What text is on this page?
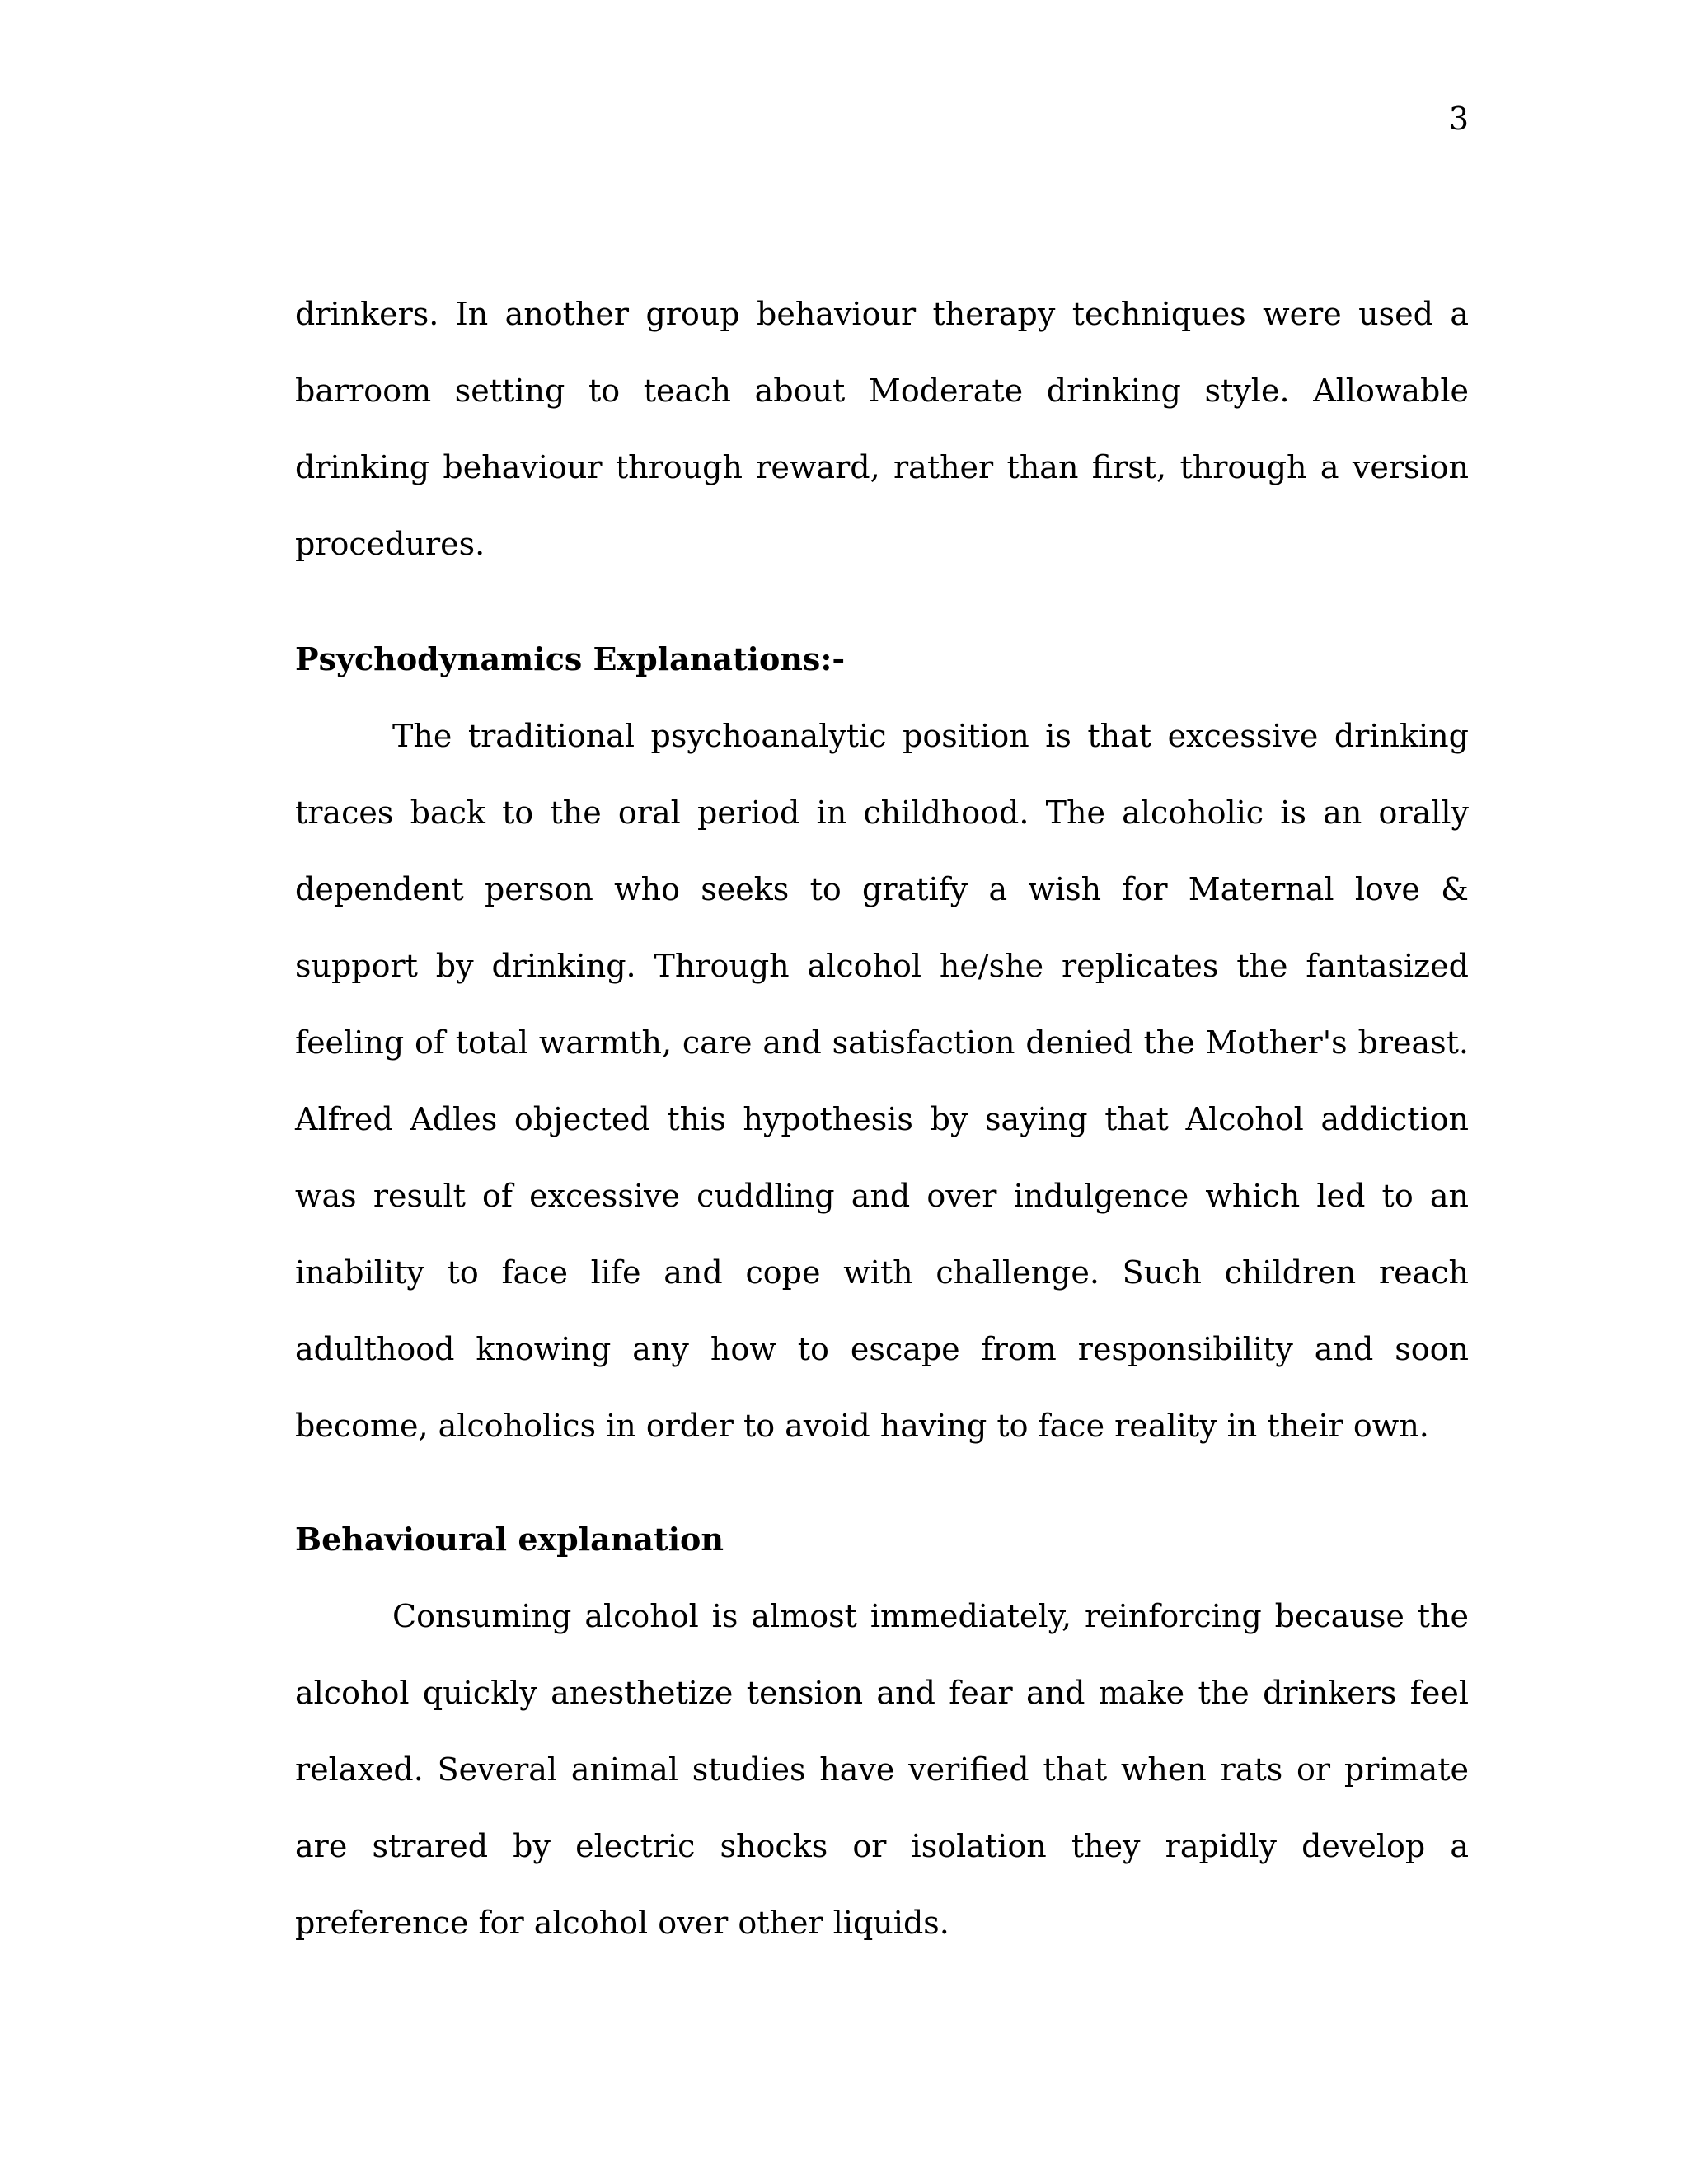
3

drinkers. In another group behaviour therapy techniques were used a barroom setting to teach about Moderate drinking style. Allowable drinking behaviour through reward, rather than first, through a version procedures.

Psychodynamics Explanations:-

The traditional psychoanalytic position is that excessive drinking traces back to the oral period in childhood. The alcoholic is an orally dependent person who seeks to gratify a wish for Maternal love & support by drinking. Through alcohol he/she replicates the fantasized feeling of total warmth, care and satisfaction denied the Mother's breast. Alfred Adles objected this hypothesis by saying that Alcohol addiction was result of excessive cuddling and over indulgence which led to an inability to face life and cope with challenge. Such children reach adulthood knowing any how to escape from responsibility and soon become, alcoholics in order to avoid having to face reality in their own.

Behavioural explanation

Consuming alcohol is almost immediately, reinforcing because the alcohol quickly anesthetize tension and fear and make the drinkers feel relaxed. Several animal studies have verified that when rats or primate are strared by electric shocks or isolation they rapidly develop a preference for alcohol over other liquids.
